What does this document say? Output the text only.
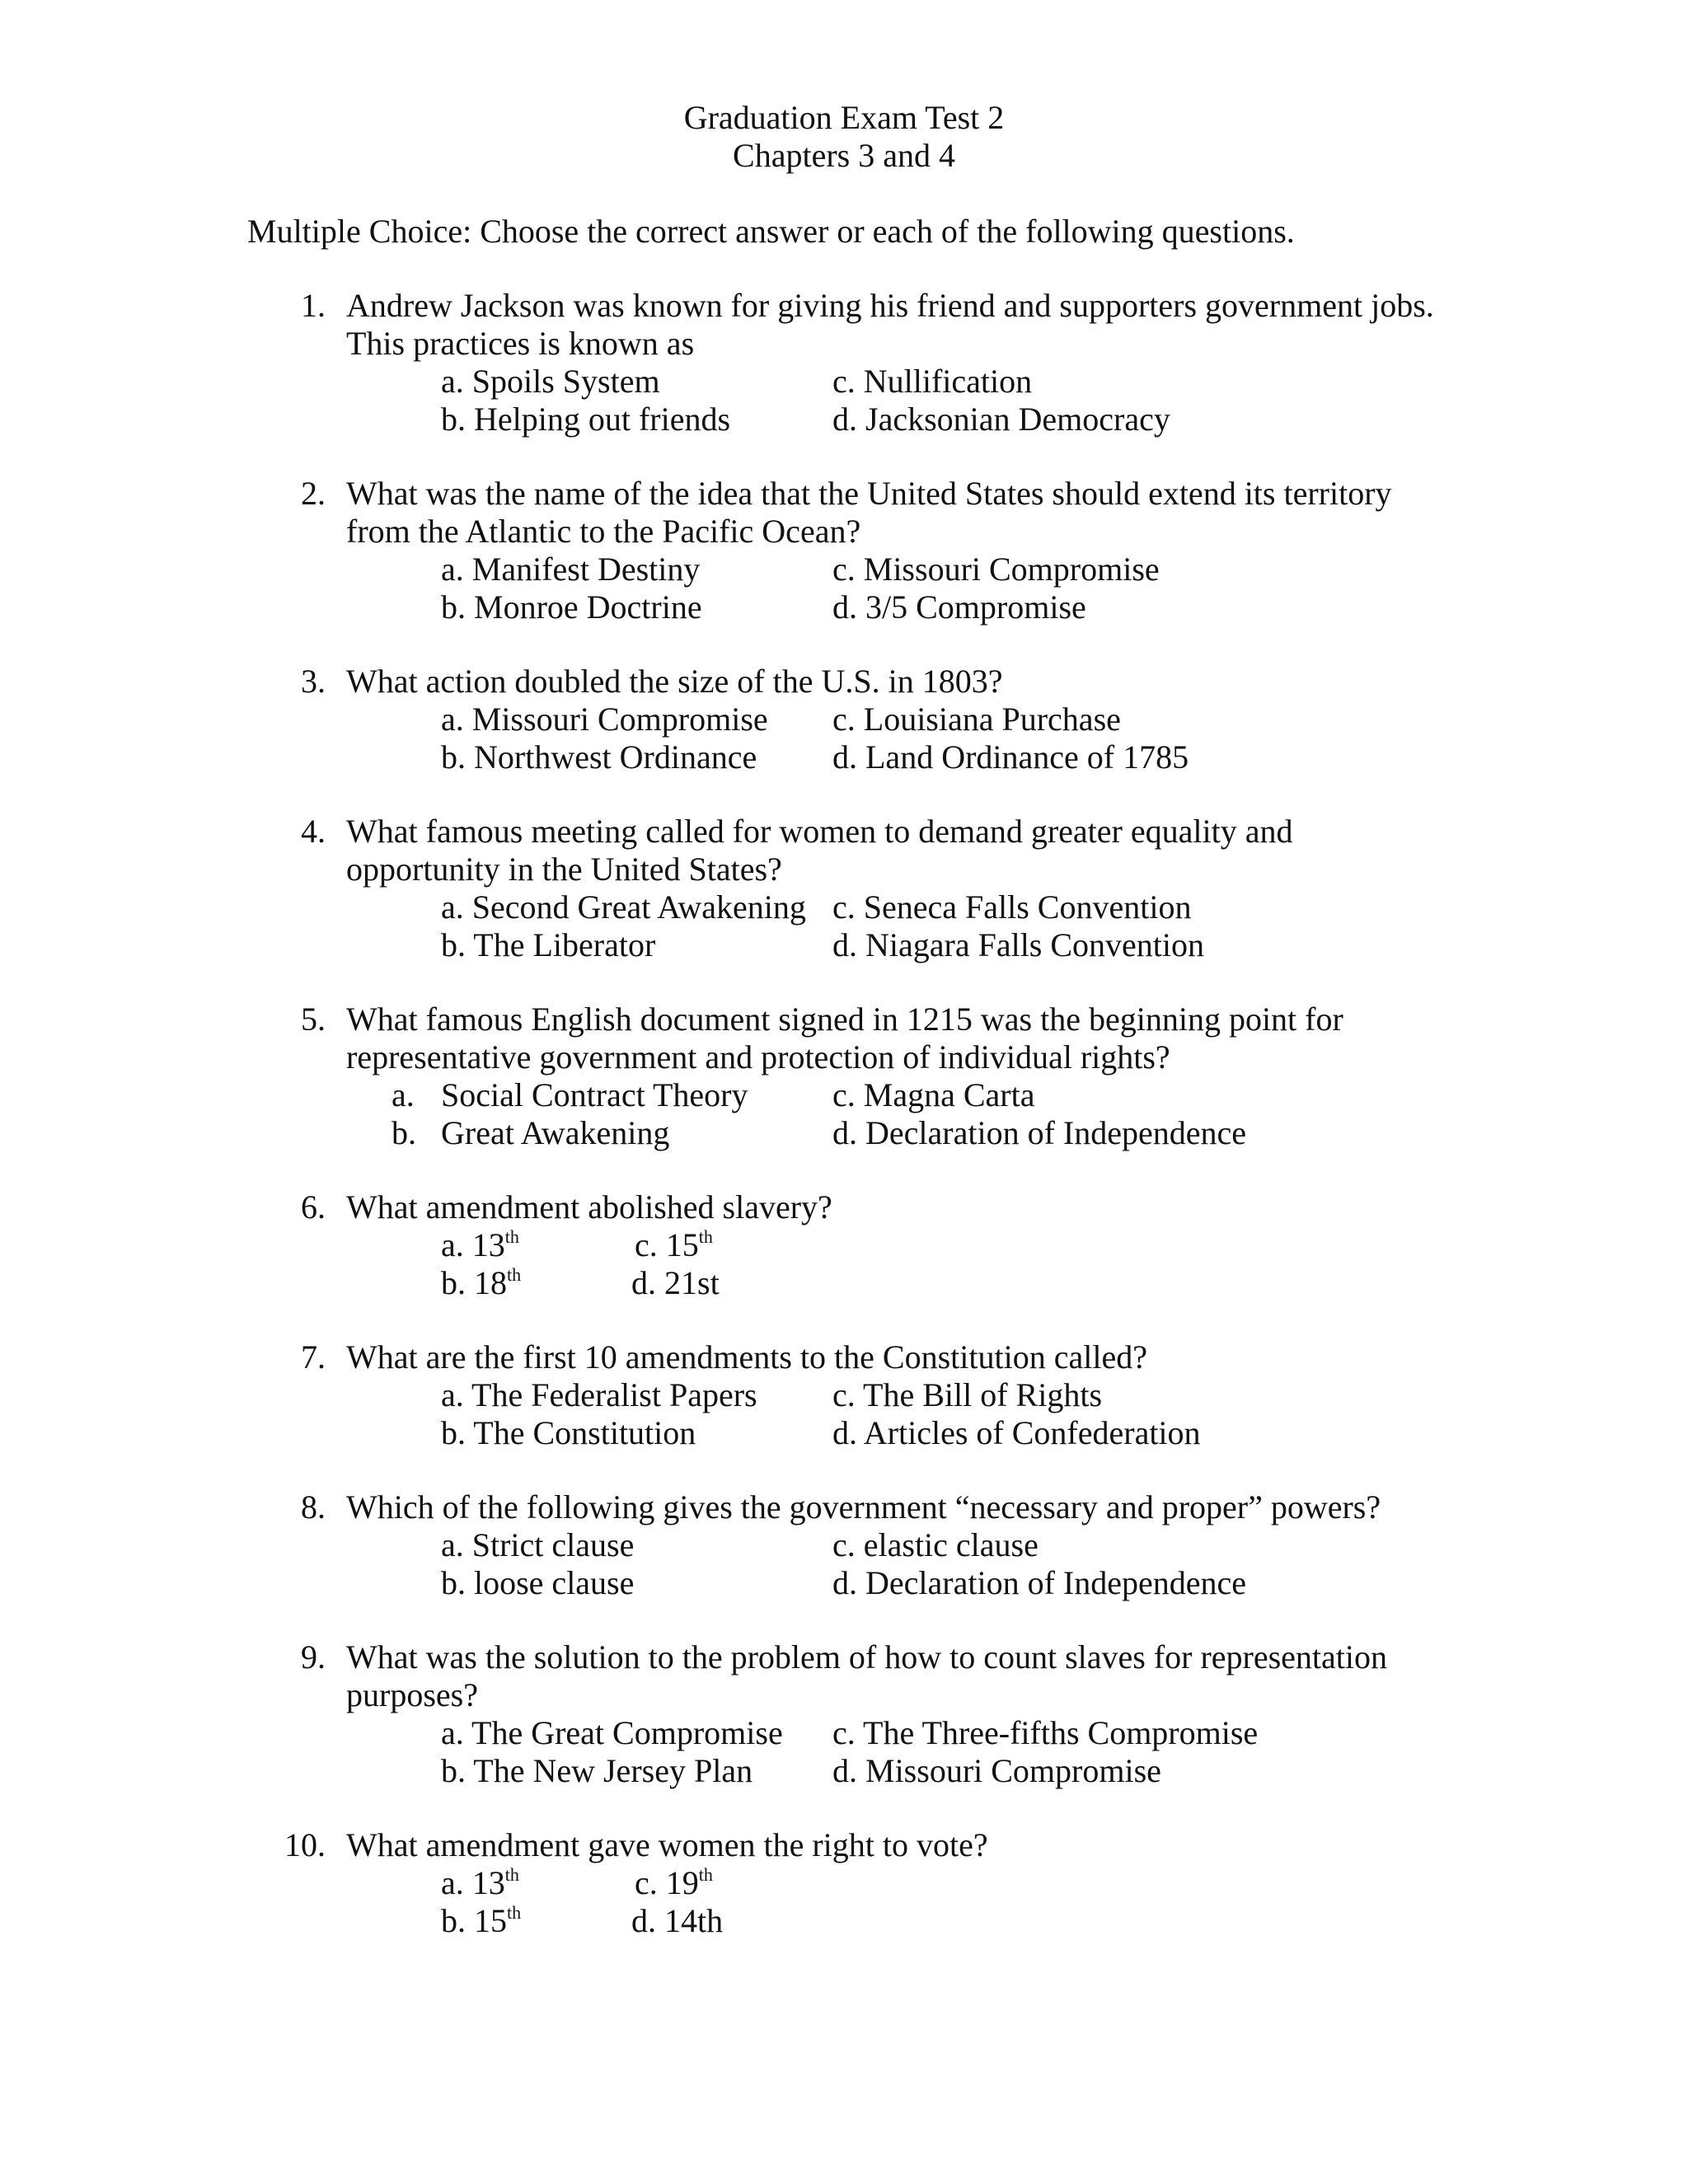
Graduation Exam Test 2
Chapters 3 and 4
Multiple Choice: Choose the correct answer or each of the following questions.
1. Andrew Jackson was known for giving his friend and supporters government jobs.
This practices is known as
a. Spoils System	c. Nullification
b. Helping out friends	d. Jacksonian Democracy
2. What was the name of the idea that the United States should extend its territory
from the Atlantic to the Pacific Ocean?
a. Manifest Destiny	c. Missouri Compromise
b. Monroe Doctrine	d. 3/5 Compromise
3. What action doubled the size of the U.S. in 1803?
a. Missouri Compromise c. Louisiana Purchase
b. Northwest Ordinance d. Land Ordinance of 1785
4. What famous meeting called for women to demand greater equality and
opportunity in the United States?
a. Second Great Awakening c. Seneca Falls Convention
b. The Liberator	d. Niagara Falls Convention
5. What famous English document signed in 1215 was the beginning point for
representative government and protection of individual rights?
a. Social Contract Theory	c. Magna Carta
b. Great Awakening	d. Declaration of Independence
6. What amendment abolished slavery?
a. 13th	c. 15th
b. 18th	d. 21st
7. What are the first 10 amendments to the Constitution called?
a. The Federalist Papers c. The Bill of Rights
b. The Constitution	d. Articles of Confederation
8. Which of the following gives the government “necessary and proper” powers?
a. Strict clause	c. elastic clause
b. loose clause	d. Declaration of Independence
9. What was the solution to the problem of how to count slaves for representation
purposes?
a. The Great Compromise c. The Three-fifths Compromise
b. The New Jersey Plan d. Missouri Compromise
10. What amendment gave women the right to vote?
a. 13th	c. 19th
b. 15th	d. 14th
